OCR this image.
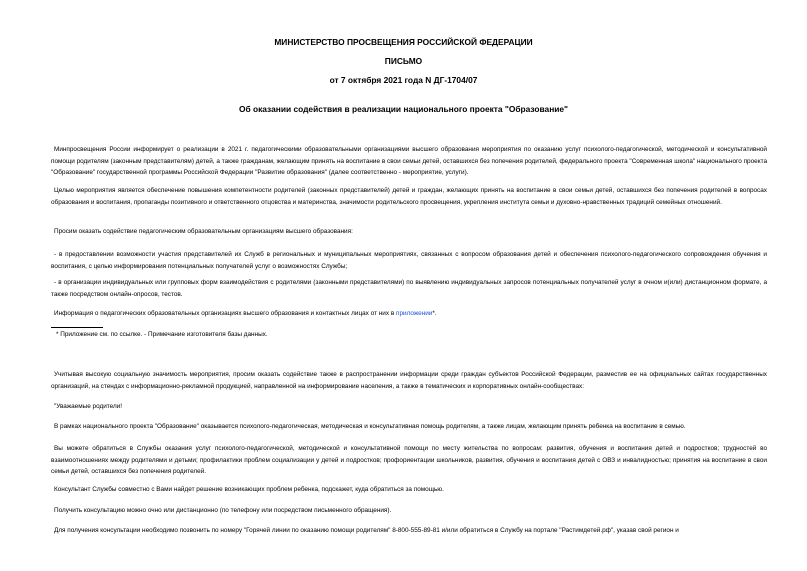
МИНИСТЕРСТВО ПРОСВЕЩЕНИЯ РОССИЙСКОЙ ФЕДЕРАЦИИ
ПИСЬМО
от 7 октября 2021 года N ДГ-1704/07
Об оказании содействия в реализации национального проекта "Образование"

Минпросвещения России информирует о реализации в 2021 г. педагогическими образовательными организациями высшего образования мероприятия по оказанию услуг психолого-педагогической, методической и консультативной помощи родителям (законным представителям) детей, а также гражданам, желающим принять на воспитание в свои семьи детей, оставшихся без попечения родителей, федерального проекта "Современная школа" национального проекта "Образование" государственной программы Российской Федерации "Развитие образования" (далее соответственно - мероприятие, услуги).

Целью мероприятия является обеспечение повышения компетентности родителей (законных представителей) детей и граждан, желающих принять на воспитание в свои семьи детей, оставшихся без попечения родителей в вопросах образования и воспитания, пропаганды позитивного и ответственного отцовства и материнства, значимости родительского просвещения, укрепления института семьи и духовно-нравственных традиций семейных отношений.

Просим оказать содействие педагогическим образовательным организациям высшего образования:

- в предоставлении возможности участия представителей их Служб в региональных и муниципальных мероприятиях, связанных с вопросом образования детей и обеспечения психолого-педагогического сопровождения обучения и воспитания, с целью информирования потенциальных получателей услуг о возможностях Службы;

- в организации индивидуальных или групповых форм взаимодействия с родителями (законными представителями) по выявлению индивидуальных запросов потенциальных получателей услуг в очном и(или) дистанционном формате, а также посредством онлайн-опросов, тестов.

Информация о педагогических образовательных организациях высшего образования и контактных лицах от них в приложении*.

* Приложение см. по ссылке. - Примечание изготовителя базы данных.

Учитывая высокую социальную значимость мероприятия, просим оказать содействие также в распространении информации среди граждан субъектов Российской Федерации, разместив ее на официальных сайтах государственных организаций, на стендах с информационно-рекламной продукцией, направленной на информирование населения, а также в тематических и корпоративных онлайн-сообществах:

"Уважаемые родители!

В рамках национального проекта "Образование" оказывается психолого-педагогическая, методическая и консультативная помощь родителям, а также лицам, желающим принять ребенка на воспитание в семью.

Вы можете обратиться в Службы оказания услуг психолого-педагогической, методической и консультативной помощи по месту жительства по вопросам: развития, обучения и воспитания детей и подростков; трудностей во взаимоотношениях между родителями и детьми; профилактики проблем социализации у детей и подростков; профориентации школьников, развития, обучения и воспитания детей с ОВЗ и инвалидностью; принятия на воспитание в свои семьи детей, оставшихся без попечения родителей.

Консультант Службы совместно с Вами найдет решение возникающих проблем ребенка, подскажет, куда обратиться за помощью.

Получить консультацию можно очно или дистанционно (по телефону или посредством письменного обращения).

Для получения консультации необходимо позвонить по номеру "Горячей линии по оказанию помощи родителям" 8-800-555-89-81 и/или обратиться в Службу на портале "Растимдетей.рф", указав свой регион и
